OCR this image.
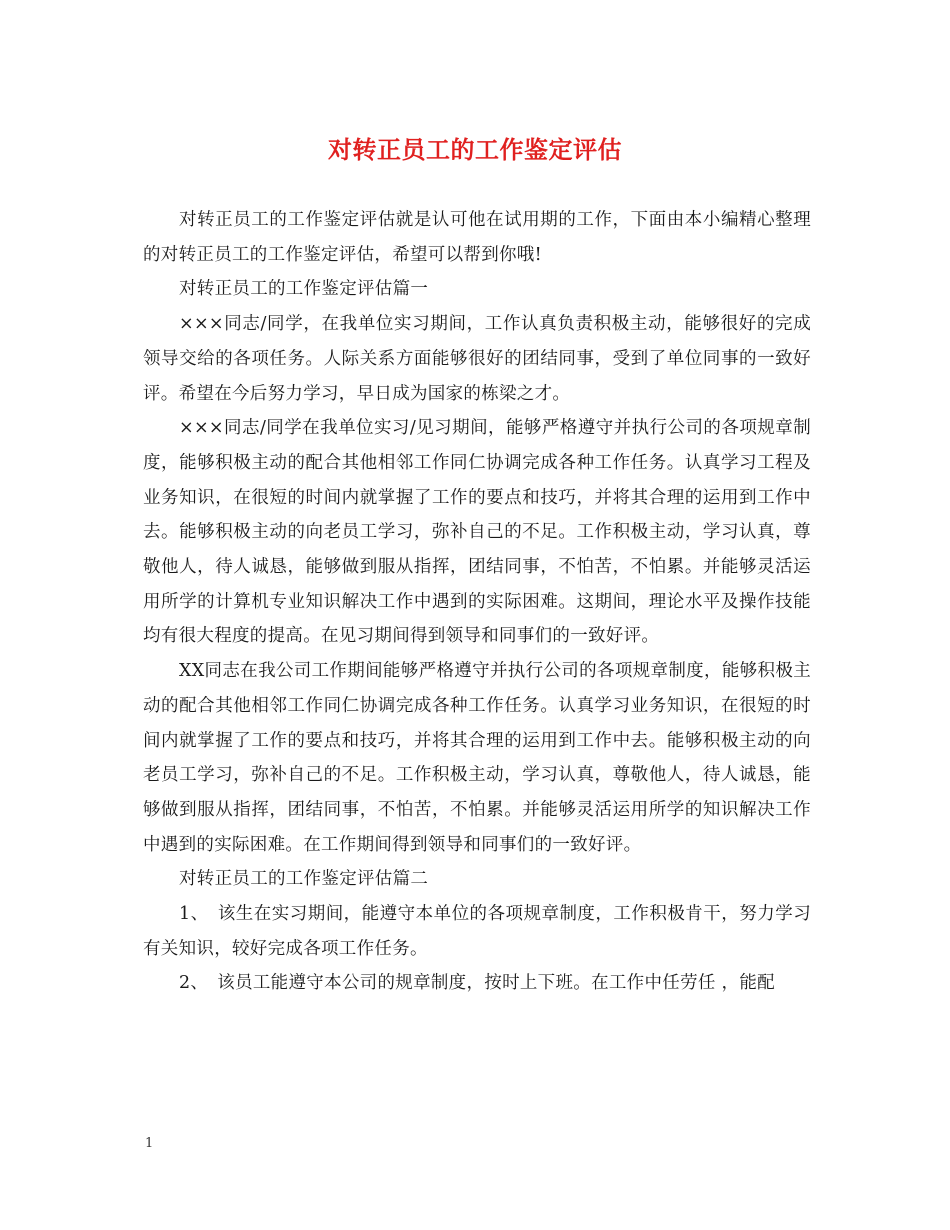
对转正员工的工作鉴定评估

对转正员工的工作鉴定评估就是认可他在试用期的工作，下面由本小编精心整理的对转正员工的工作鉴定评估，希望可以帮到你哦!

对转正员工的工作鉴定评估篇一

×××同志/同学，在我单位实习期间，工作认真负责积极主动，能够很好的完成领导交给的各项任务。人际关系方面能够很好的团结同事，受到了单位同事的一致好评。希望在今后努力学习，早日成为国家的栋梁之才。

×××同志/同学在我单位实习/见习期间，能够严格遵守并执行公司的各项规章制度，能够积极主动的配合其他相邻工作同仁协调完成各种工作任务。认真学习工程及业务知识，在很短的时间内就掌握了工作的要点和技巧，并将其合理的运用到工作中去。能够积极主动的向老员工学习，弥补自己的不足。工作积极主动，学习认真，尊敬他人，待人诚恳，能够做到服从指挥，团结同事，不怕苦，不怕累。并能够灵活运用所学的计算机专业知识解决工作中遇到的实际困难。这期间，理论水平及操作技能均有很大程度的提高。在见习期间得到领导和同事们的一致好评。

XX同志在我公司工作期间能够严格遵守并执行公司的各项规章制度，能够积极主动的配合其他相邻工作同仁协调完成各种工作任务。认真学习业务知识，在很短的时间内就掌握了工作的要点和技巧，并将其合理的运用到工作中去。能够积极主动的向老员工学习，弥补自己的不足。工作积极主动，学习认真，尊敬他人，待人诚恳，能够做到服从指挥，团结同事，不怕苦，不怕累。并能够灵活运用所学的知识解决工作中遇到的实际困难。在工作期间得到领导和同事们的一致好评。

对转正员工的工作鉴定评估篇二

1、　该生在实习期间，能遵守本单位的各项规章制度，工作积极肯干，努力学习有关知识，较好完成各项工作任务。

2、　该员工能遵守本公司的规章制度，按时上下班。在工作中任劳任 ，能配

1
